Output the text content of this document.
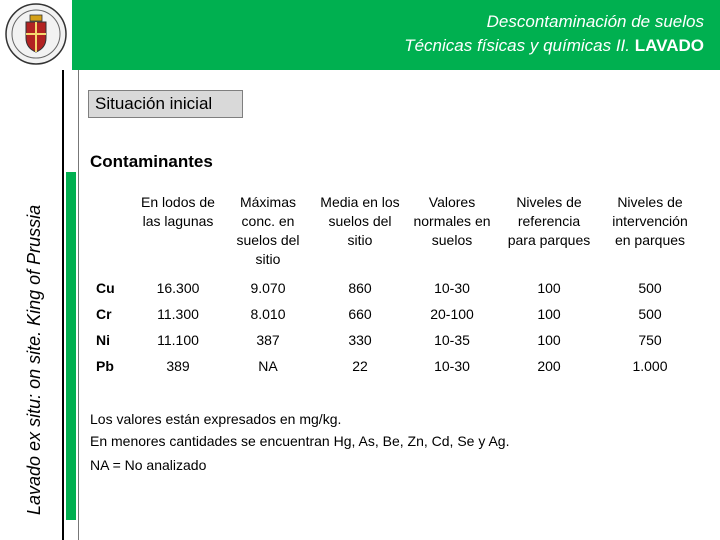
Descontaminación de suelos
Técnicas físicas y químicas II. LAVADO
Lavado ex situ: on site. King of Prussia
Situación inicial
Contaminantes
	En lodos de las lagunas	Máximas conc. en suelos del sitio	Media en los suelos del sitio	Valores normales en suelos	Niveles de referencia para parques	Niveles de intervención en parques
Cu	16.300	9.070	860	10-30	100	500
Cr	11.300	8.010	660	20-100	100	500
Ni	11.100	387	330	10-35	100	750
Pb	389	NA	22	10-30	200	1.000
Los valores están expresados en mg/kg.
En menores cantidades se encuentran Hg, As, Be, Zn, Cd, Se y Ag.
NA = No analizado
